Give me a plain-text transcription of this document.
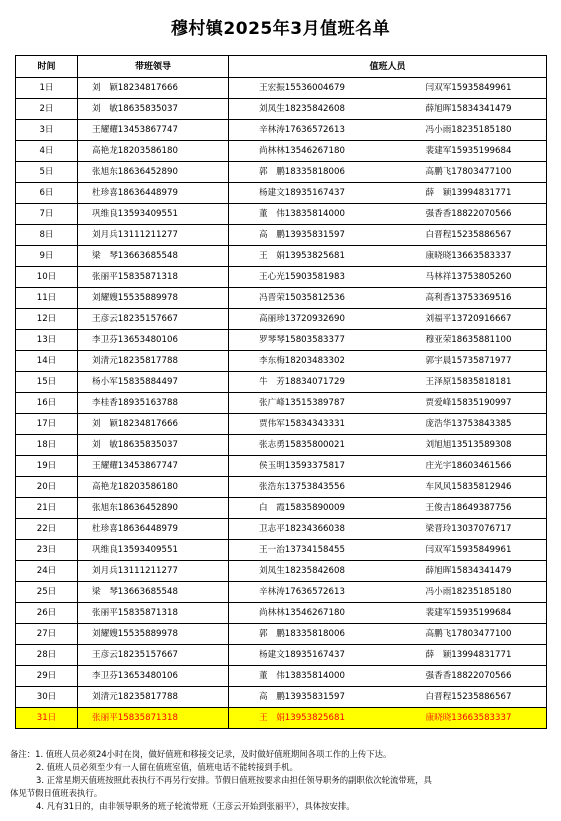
穆村镇2025年3月值班名单
时间	带班领导	值班人员	
1日	刘　颖18234817666	王宏振15536004679	闫双军15935849961
2日	刘　敏18635835037	刘凤生18235842608	薛旭晖15834341479
3日	王耀耀13453867747	辛林涛17636572613	冯小雨18235185180
4日	高艳龙18203586180	尚林林13546267180	裴建军15935199684
5日	张旭东18636452890	郭　鹏18335818006	高鹏飞17803477100
6日	杜珍喜18636448979	杨建文18935167437	薛　颖13994831771
7日	巩维良13593409551	董　伟13835814000	强香香18822070566
8日	刘月兵13111211277	高　鹏13935831597	白晋程15235886567
9日	梁　琴13663685548	王　娟13953825681	康晓晓13663583337
10日	张丽平15835871318	王心光15903581983	马林祥13753805260
11日	刘耀嫂15535889978	冯晋荣15035812536	高利香13753369516
12日	王彦云18235157667	高丽珍13720932690	刘福平13720916667
13日	李卫芬13653480106	罗琴琴15803583377	穆亚荣18635881100
14日	刘清元18235817788	李东梅18203483302	郭宇晨15735871977
15日	杨小军15835884497	牛　芳18834071729	王泽原15835818181
16日	李桂香18935163788	张广峰13515389787	贾爱峰15835190997
17日	刘　颖18234817666	贾伟军15834343331	庞浩华13753843385
18日	刘　敏18635835037	张志勇15835800021	刘旭旭13513589308
19日	王耀耀13453867747	侯玉明13593375817	庄光宇18603461566
20日	高艳龙18203586180	张浩东13753843556	车风风15835812946
21日	张旭东18636452890	白　霞15835890009	王俊吉18649387756
22日	杜珍喜18636448979	卫志平18234366038	梁晋玲13037076717
23日	巩维良13593409551	王一治13734158455	闫双军15935849961
24日	刘月兵13111211277	刘凤生18235842608	薛旭晖15834341479
25日	梁　琴13663685548	辛林涛17636572613	冯小雨18235185180
26日	张丽平15835871318	尚林林13546267180	裴建军15935199684
27日	刘耀嫂15535889978	郭　鹏18335818006	高鹏飞17803477100
28日	王彦云18235157667	杨建文18935167437	薛　颖13994831771
29日	李卫芬13653480106	董　伟13835814000	强香香18822070566
30日	刘清元18235817788	高　鹏13935831597	白晋程15235886567
31日	张丽平15835871318	王　娟13953825681	康晓晓13663583337

备注：1. 值班人员必须24小时在岗，做好值班和移接交记录，及时做好值班期间各项工作的上传下达。

2. 值班人员必须至少有一人留在值班室值，值班电话不能转接到手机。

3. 正常星期天值班按照此表执行不再另行安排。节假日值班按要求由担任领导职务的副职依次轮流带班，具

体见节假日值班表执行。

4. 凡有31日的，由非领导职务的班子轮流带班（王彦云开始到张丽平），具体按安排。
